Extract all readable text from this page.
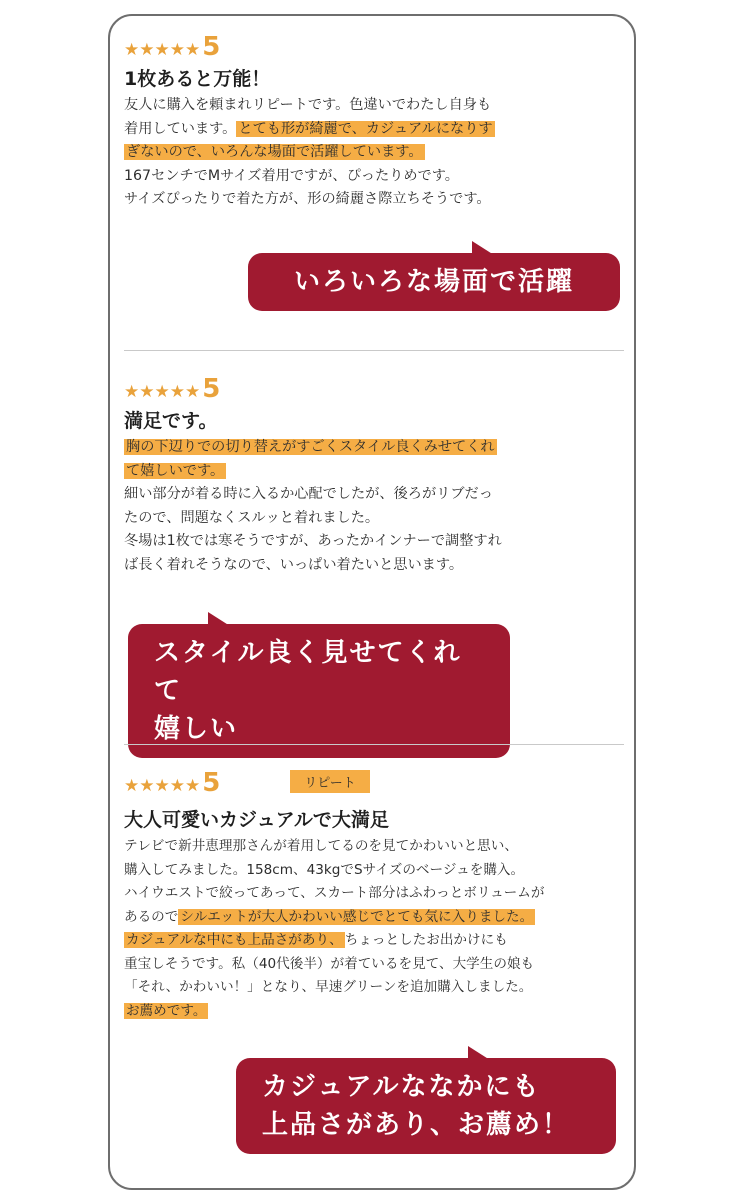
★★★★★ 5
1枚あると万能！

友人に購入を頼まれリピートです。色違いでわたし自身も

着用しています。 とても形が綺麗で、カジュアルになりす

ぎないので、いろんな場面で活躍しています。

167センチでMサイズ着用ですが、ぴったりめです。

サイズぴったりで着た方が、形の綺麗さ際立ちそうです。

いろいろな場面で活躍
★★★★★ 5
満足です。

胸の下辺りでの切り替えがすごくスタイル良くみせてくれ

て嬉しいです。

細い部分が着る時に入るか心配でしたが、後ろがリブだっ

たので、問題なくスルッと着れました。

冬場は1枚では寒そうですが、あったかインナーで調整すれ

ば長く着れそうなので、いっぱい着たいと思います。

スタイル良く見せてくれて
嬉しい
★★★★★ 5	リピート
大人可愛いカジュアルで大満足

テレビで新井恵理那さんが着用してるのを見てかわいいと思い、

購入してみました。158cm、43kgでSサイズのベージュを購入。

ハイウエストで絞ってあって、スカート部分はふわっとボリュームが

あるので シルエットが大人かわいい感じでとても気に入りました。

カジュアルな中にも上品さがあり、 ちょっとしたお出かけにも

重宝しそうです。私（40代後半）が着ているを見て、大学生の娘も

「それ、かわいい！」となり、早速グリーンを追加購入しました。

お薦めです。

カジュアルななかにも
上品さがあり、お薦め！
